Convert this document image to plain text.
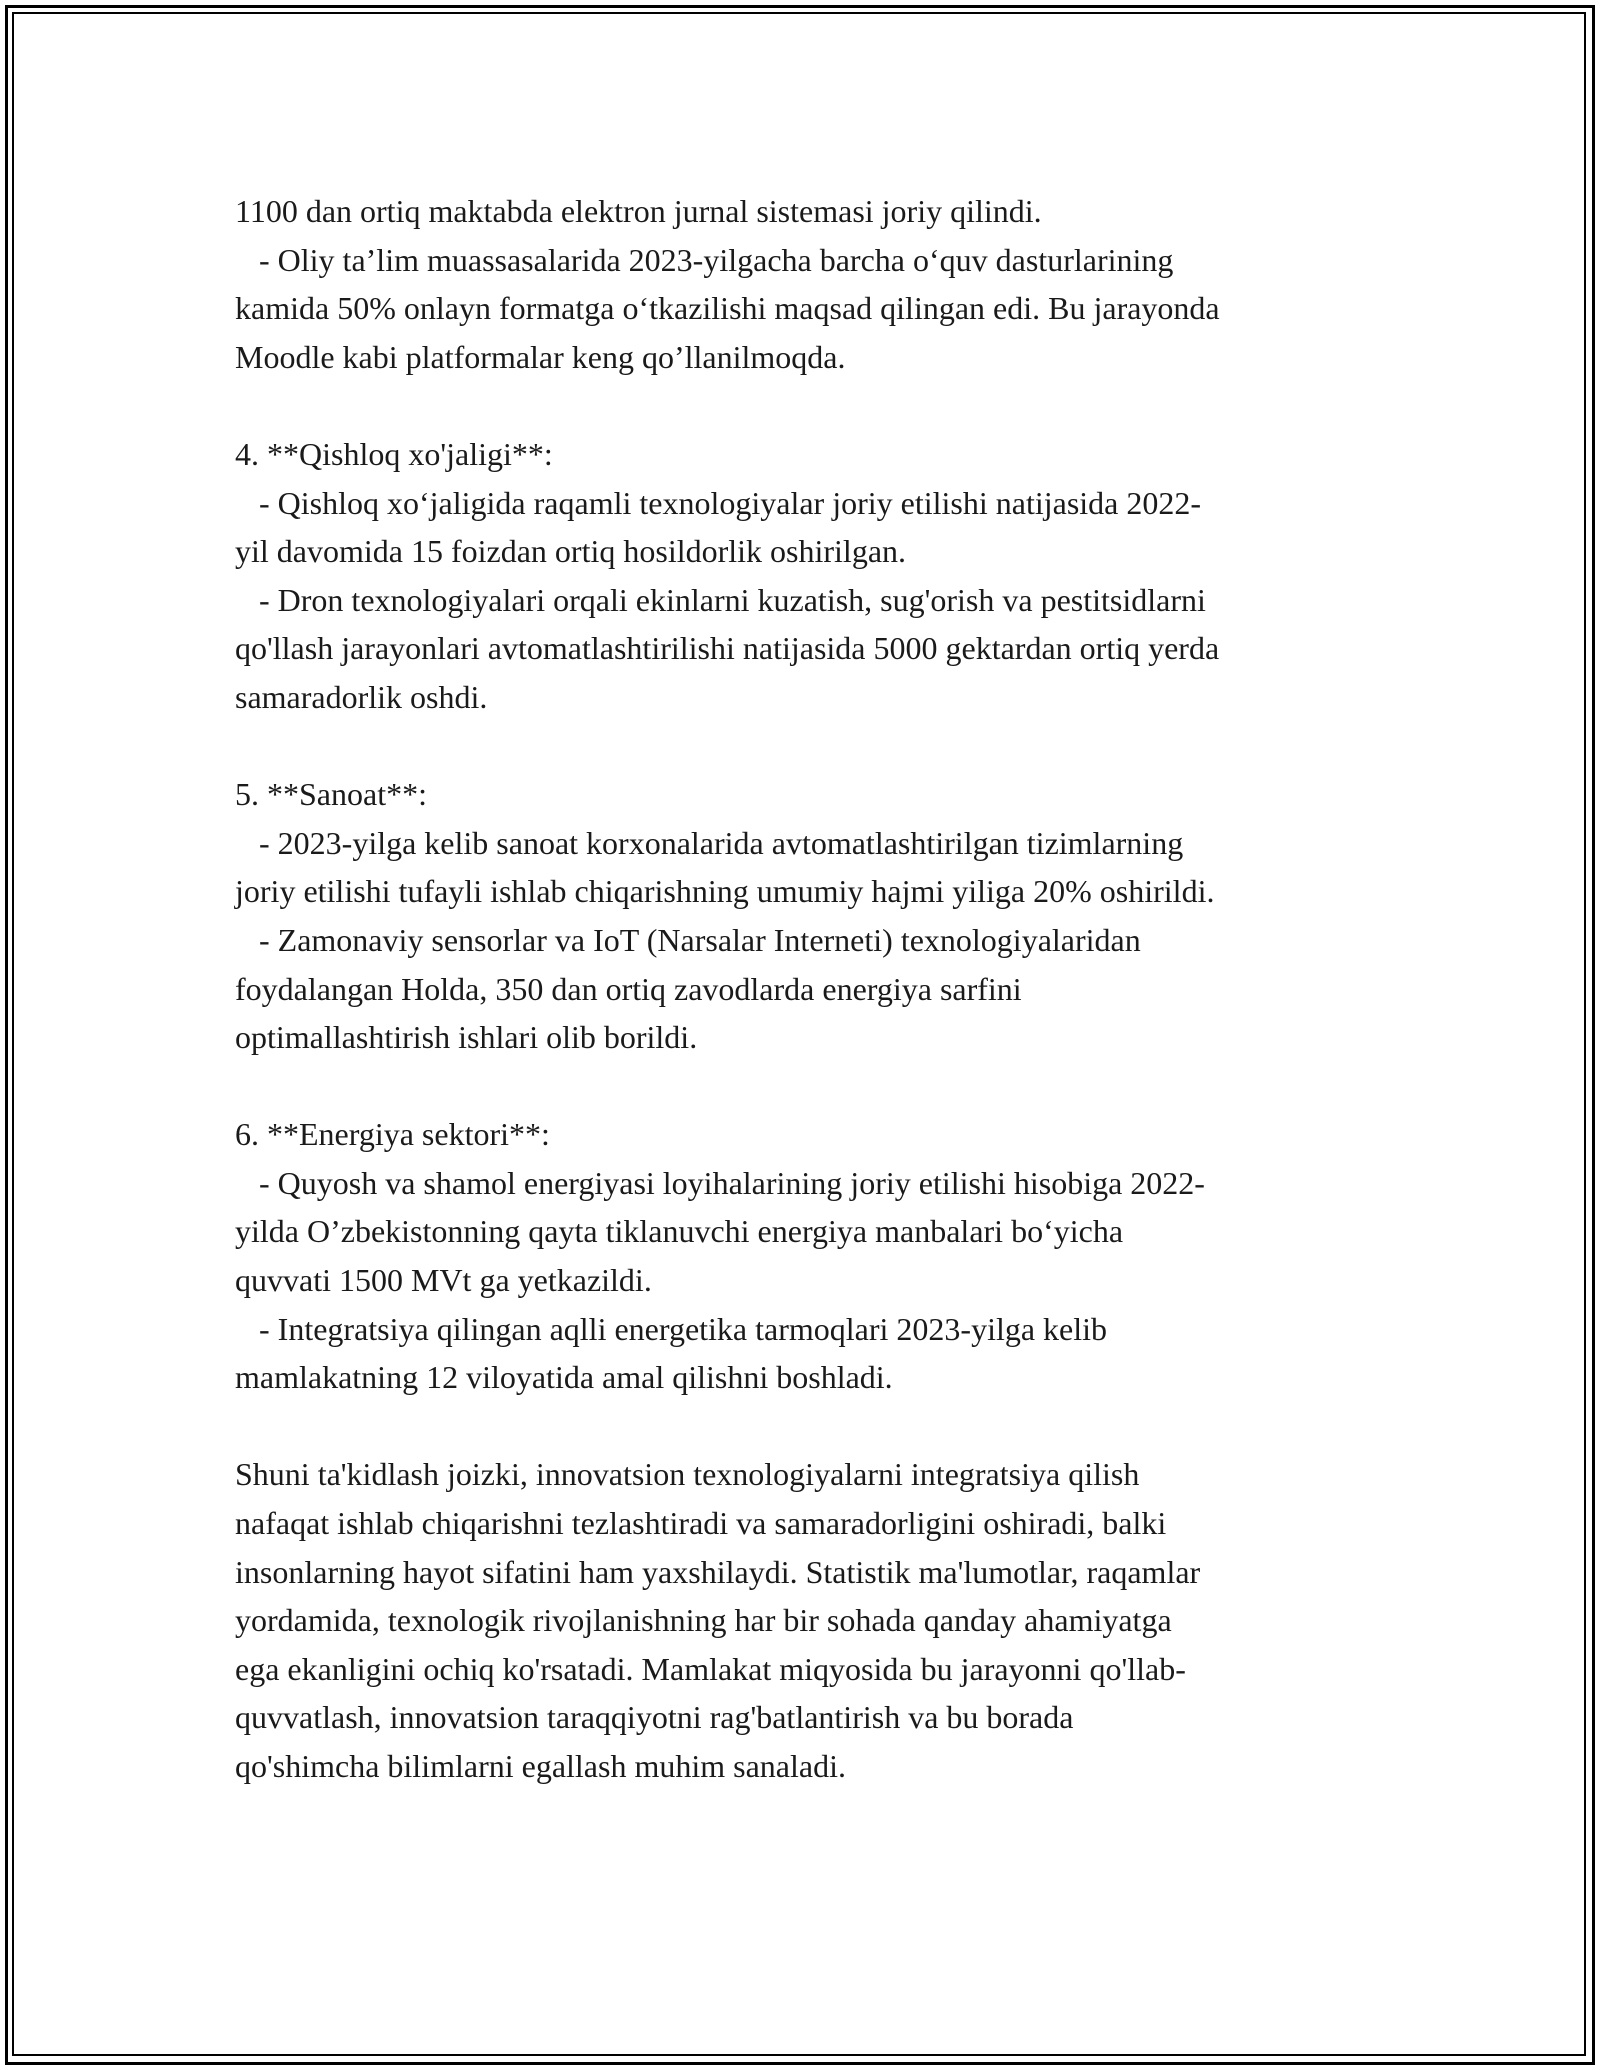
1100 dan ortiq maktabda elektron jurnal sistemasi joriy qilindi.
- Oliy ta’lim muassasalarida 2023-yilgacha barcha o‘quv dasturlarining
kamida 50% onlayn formatga o‘tkazilishi maqsad qilingan edi. Bu jarayonda
Moodle kabi platformalar keng qo’llanilmoqda.
4. **Qishloq xo'jaligi**:
- Qishloq xo‘jaligida raqamli texnologiyalar joriy etilishi natijasida 2022-
yil davomida 15 foizdan ortiq hosildorlik oshirilgan.
- Dron texnologiyalari orqali ekinlarni kuzatish, sug'orish va pestitsidlarni
qo'llash jarayonlari avtomatlashtirilishi natijasida 5000 gektardan ortiq yerda
samaradorlik oshdi.
5. **Sanoat**:
- 2023-yilga kelib sanoat korxonalarida avtomatlashtirilgan tizimlarning
joriy etilishi tufayli ishlab chiqarishning umumiy hajmi yiliga 20% oshirildi.
- Zamonaviy sensorlar va IoT (Narsalar Interneti) texnologiyalaridan
foydalangan Holda, 350 dan ortiq zavodlarda energiya sarfini
optimallashtirish ishlari olib borildi.
6. **Energiya sektori**:
- Quyosh va shamol energiyasi loyihalarining joriy etilishi hisobiga 2022-
yilda O’zbekistonning qayta tiklanuvchi energiya manbalari bo‘yicha
quvvati 1500 MVt ga yetkazildi.
- Integratsiya qilingan aqlli energetika tarmoqlari 2023-yilga kelib
mamlakatning 12 viloyatida amal qilishni boshladi.
Shuni ta'kidlash joizki, innovatsion texnologiyalarni integratsiya qilish
nafaqat ishlab chiqarishni tezlashtiradi va samaradorligini oshiradi, balki
insonlarning hayot sifatini ham yaxshilaydi. Statistik ma'lumotlar, raqamlar
yordamida, texnologik rivojlanishning har bir sohada qanday ahamiyatga
ega ekanligini ochiq ko'rsatadi. Mamlakat miqyosida bu jarayonni qo'llab-
quvvatlash, innovatsion taraqqiyotni rag'batlantirish va bu borada
qo'shimcha bilimlarni egallash muhim sanaladi.
